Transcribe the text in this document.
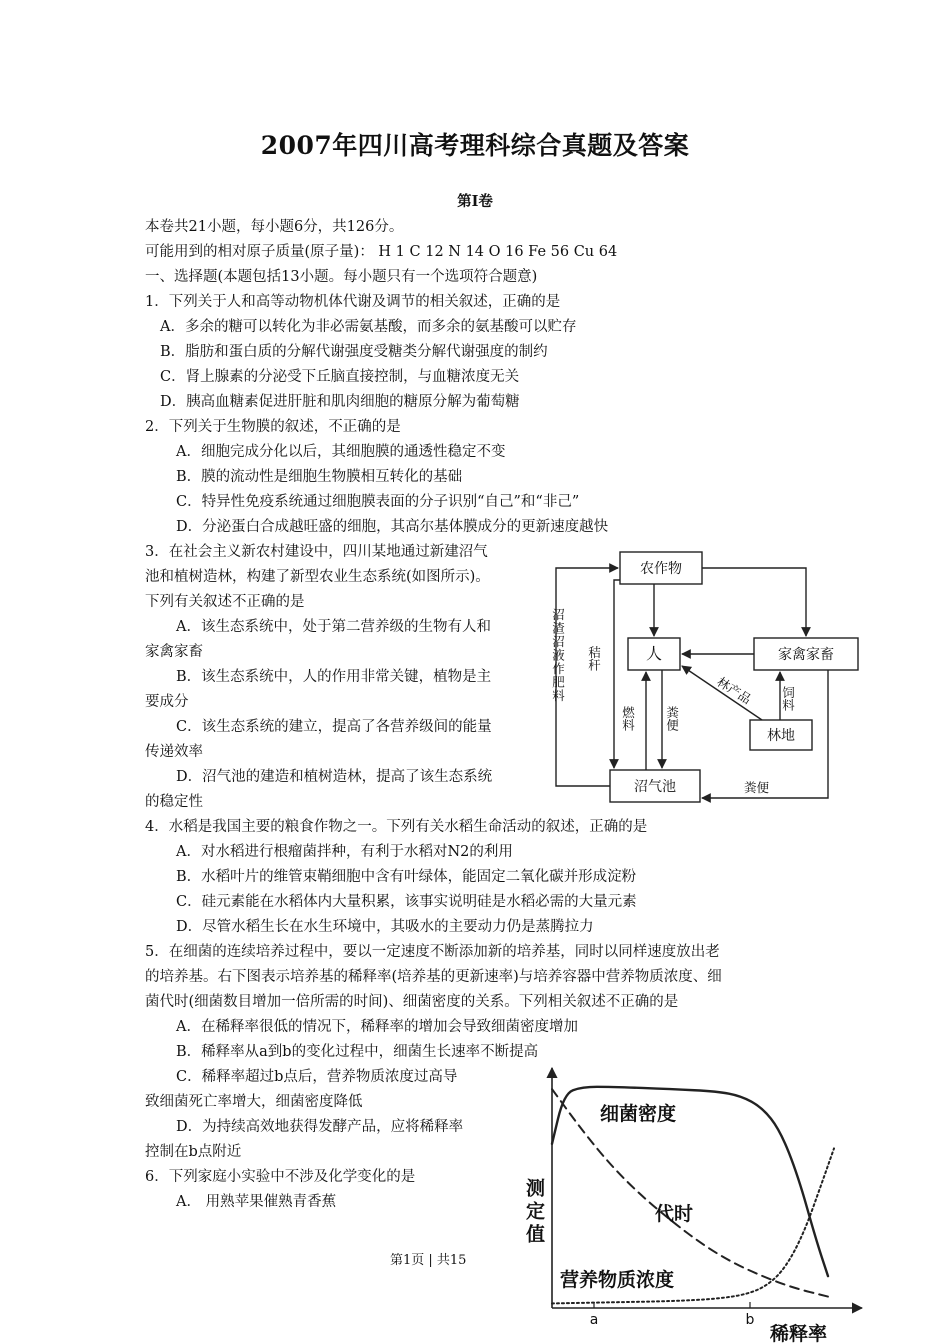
2007年四川高考理科综合真题及答案
第Ⅰ卷
本卷共21小题，每小题6分，共126分。
可能用到的相对原子质量(原子量)： H 1 C 12 N 14 O 16 Fe 56 Cu 64
一、选择题(本题包括13小题。每小题只有一个选项符合题意)
1．下列关于人和高等动物机体代谢及调节的相关叙述，正确的是
A．多余的糖可以转化为非必需氨基酸，而多余的氨基酸可以贮存
B．脂肪和蛋白质的分解代谢强度受糖类分解代谢强度的制约
C．肾上腺素的分泌受下丘脑直接控制，与血糖浓度无关
D．胰高血糖素促进肝脏和肌肉细胞的糖原分解为葡萄糖
2．下列关于生物膜的叙述，不正确的是
A．细胞完成分化以后，其细胞膜的通透性稳定不变
B．膜的流动性是细胞生物膜相互转化的基础
C．特异性免疫系统通过细胞膜表面的分子识别“自己”和“非己”
D．分泌蛋白合成越旺盛的细胞，其高尔基体膜成分的更新速度越快
3．在社会主义新农村建设中，四川某地通过新建沼气
池和植树造林，构建了新型农业生态系统(如图所示)。
下列有关叙述不正确的是
A．该生态系统中，处于第二营养级的生物有人和
家禽家畜
B．该生态系统中，人的作用非常关键，植物是主
要成分
C．该生态系统的建立，提高了各营养级间的能量
传递效率
D．沼气池的建造和植树造林，提高了该生态系统
的稳定性
农作物
人	家禽家畜
林地
沼气池
沼渣沼液作肥料 秸秆
燃料 粪便
林产品 饲料
粪便
4．水稻是我国主要的粮食作物之一。下列有关水稻生命活动的叙述，正确的是
A．对水稻进行根瘤菌拌种，有利于水稻对N2的利用
B．水稻叶片的维管束鞘细胞中含有叶绿体，能固定二氧化碳并形成淀粉
C．硅元素能在水稻体内大量积累，该事实说明硅是水稻必需的大量元素
D．尽管水稻生长在水生环境中，其吸水的主要动力仍是蒸腾拉力
5．在细菌的连续培养过程中，要以一定速度不断添加新的培养基，同时以同样速度放出老
的培养基。右下图表示培养基的稀释率(培养基的更新速率)与培养容器中营养物质浓度、细
菌代时(细菌数目增加一倍所需的时间)、细菌密度的关系。下列相关叙述不正确的是
A．在稀释率很低的情况下，稀释率的增加会导致细菌密度增加
B．稀释率从a到b的变化过程中，细菌生长速率不断提高
C．稀释率超过b点后，营养物质浓度过高导
致细菌死亡率增大，细菌密度降低
D．为持续高效地获得发酵产品，应将稀释率
控制在b点附近
6．下列家庭小实验中不涉及化学变化的是
A． 用熟苹果催熟青香蕉
第1页 | 共15
a	b
细菌密度
代时
营养物质浓度
测定值
稀释率
